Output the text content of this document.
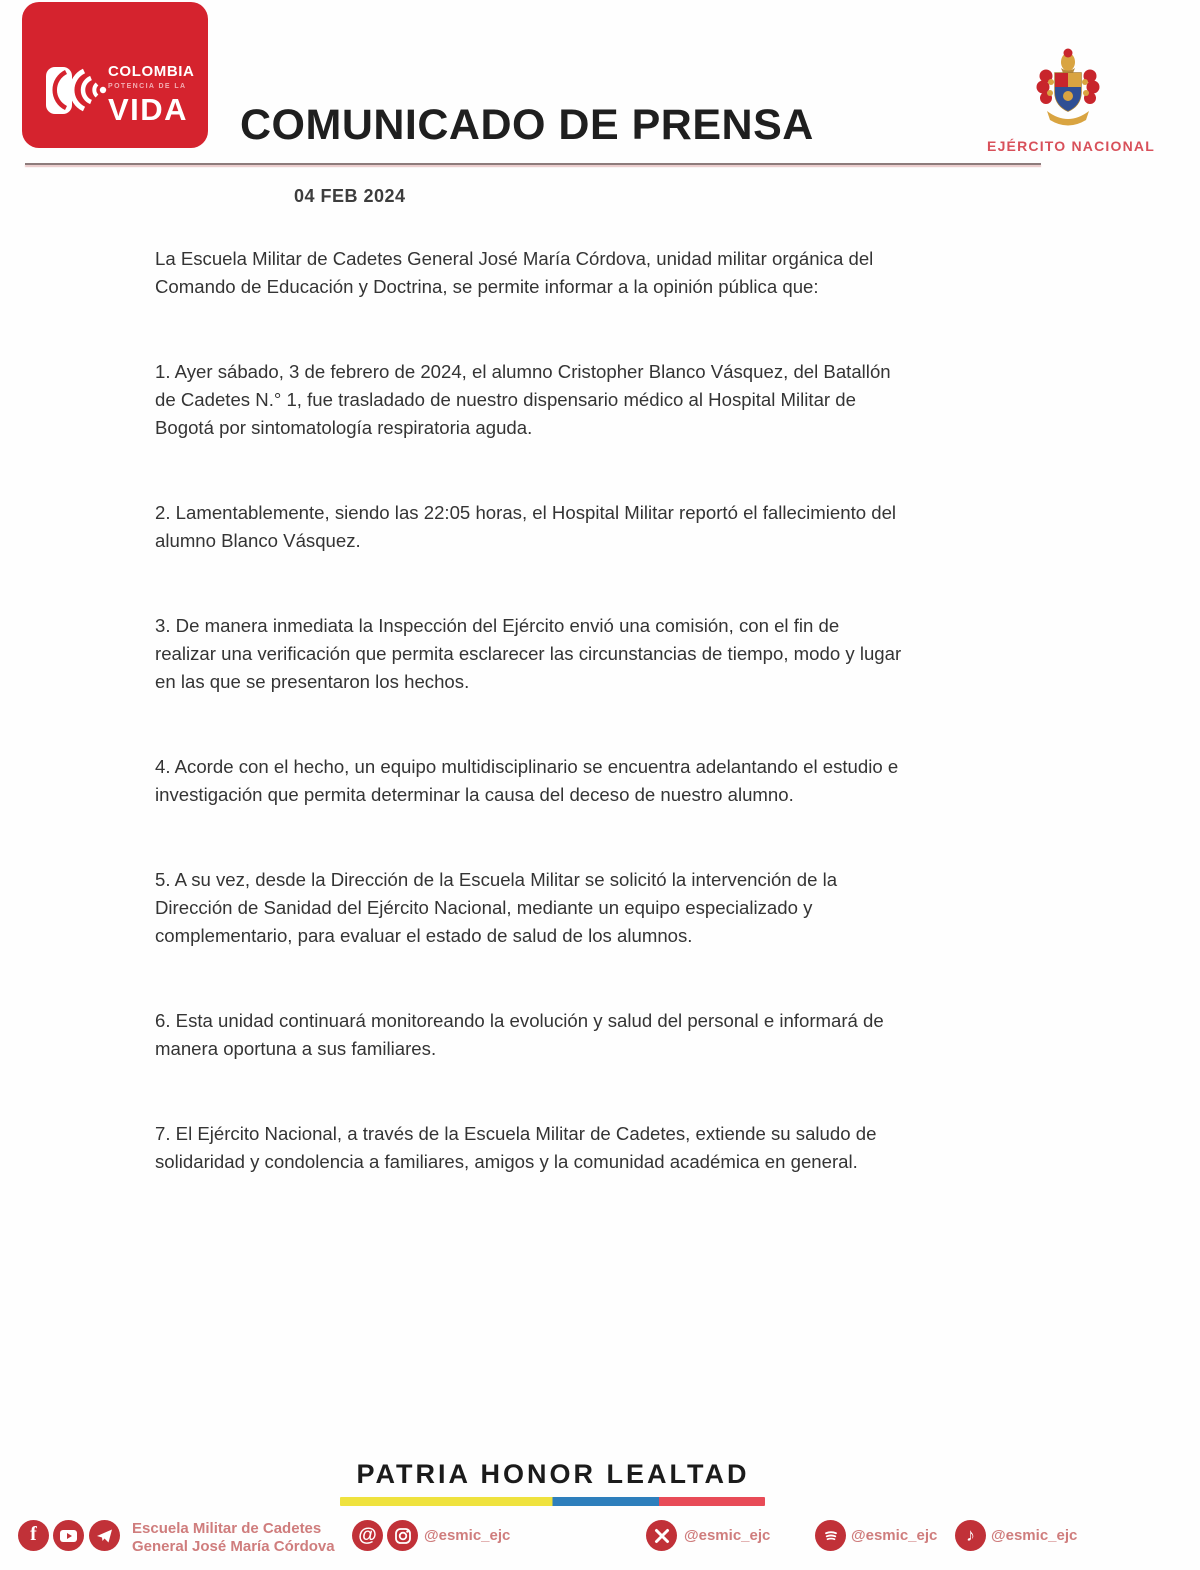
COLOMBIA
POTENCIA DE LA
VIDA COMUNICADO DE PRENSA
04 FEB 2024
EJÉRCITO NACIONAL
La Escuela Militar de Cadetes General José María Córdova, unidad militar orgánica del
Comando de Educación y Doctrina, se permite informar a la opinión pública que:
1. Ayer sábado, 3 de febrero de 2024, el alumno Cristopher Blanco Vásquez, del Batallón
de Cadetes N.° 1, fue trasladado de nuestro dispensario médico al Hospital Militar de
Bogotá por sintomatología respiratoria aguda.
2. Lamentablemente, siendo las 22:05 horas, el Hospital Militar reportó el fallecimiento del
alumno Blanco Vásquez.
3. De manera inmediata la Inspección del Ejército envió una comisión, con el fin de
realizar una verificación que permita esclarecer las circunstancias de tiempo, modo y lugar
en las que se presentaron los hechos.
4. Acorde con el hecho, un equipo multidisciplinario se encuentra adelantando el estudio e
investigación que permita determinar la causa del deceso de nuestro alumno.
5. A su vez, desde la Dirección de la Escuela Militar se solicitó la intervención de la
Dirección de Sanidad del Ejército Nacional, mediante un equipo especializado y
complementario, para evaluar el estado de salud de los alumnos.
6. Esta unidad continuará monitoreando la evolución y salud del personal e informará de
manera oportuna a sus familiares.
7. El Ejército Nacional, a través de la Escuela Militar de Cadetes, extiende su saludo de
solidaridad y condolencia a familiares, amigos y la comunidad académica en general.
PATRIA HONOR LEALTAD
f	Escuela Militar de Cadetes
General José María Córdova
@	@esmic_ejc	@esmic_ejc	@esmic_ejc ♪ @esmic_ejc
